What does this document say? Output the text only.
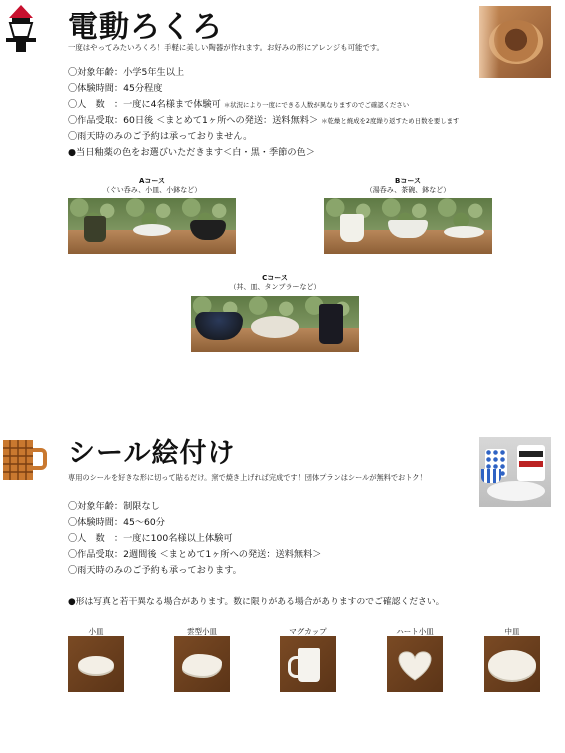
電動ろくろ
一度はやってみたいろくろ！手軽に美しい陶器が作れます。お好みの形にアレンジも可能です。
〇対象年齢：小学5年生以上
〇体験時間：45分程度
〇人　数　：一度に4名様まで体験可 ＊状況により一度にできる人数が異なりますのでご確認ください
〇作品受取：60日後 ＜まとめて1ヶ所への発送：送料無料＞ ＊乾燥と焼成を2度繰り返すため日数を要します
〇雨天時のみのご予約は承っておりません。
●当日釉薬の色をお選びいただきます＜白・黒・季節の色＞
Aコース
（ぐい呑み、小皿、小鉢など）
Bコース
（湯呑み、茶碗、鉢など）
Cコース
（丼、皿、タンブラーなど）
シール絵付け
専用のシールを好きな形に切って貼るだけ。窯で焼き上げれば完成です！団体プランはシールが無料でおトク！
〇対象年齢：制限なし
〇体験時間：45〜60分
〇人　数　：一度に100名様以上体験可
〇作品受取：2週間後 ＜まとめて1ヶ所への発送：送料無料＞
〇雨天時のみのご予約も承っております。
●形は写真と若干異なる場合があります。数に限りがある場合がありますのでご確認ください。
小皿	雲型小皿	マグカップ	ハート小皿	中皿
